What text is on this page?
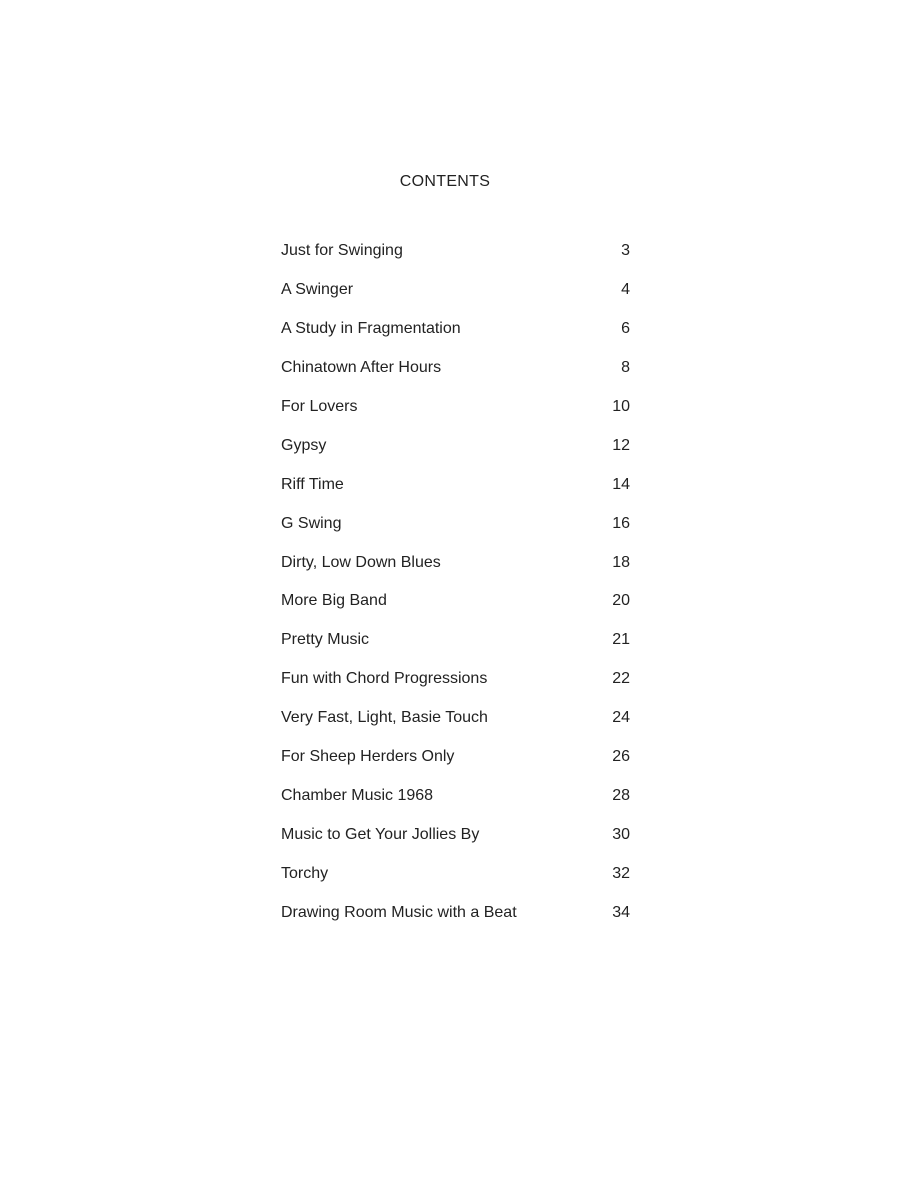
CONTENTS
Just for Swinging	3
A Swinger	4
A Study in Fragmentation	6
Chinatown After Hours	8
For Lovers	10
Gypsy	12
Riff Time	14
G Swing	16
Dirty, Low Down Blues	18
More Big Band	20
Pretty Music	21
Fun with Chord Progressions	22
Very Fast, Light, Basie Touch	24
For Sheep Herders Only	26
Chamber Music 1968	28
Music to Get Your Jollies By	30
Torchy	32
Drawing Room Music with a Beat	34
